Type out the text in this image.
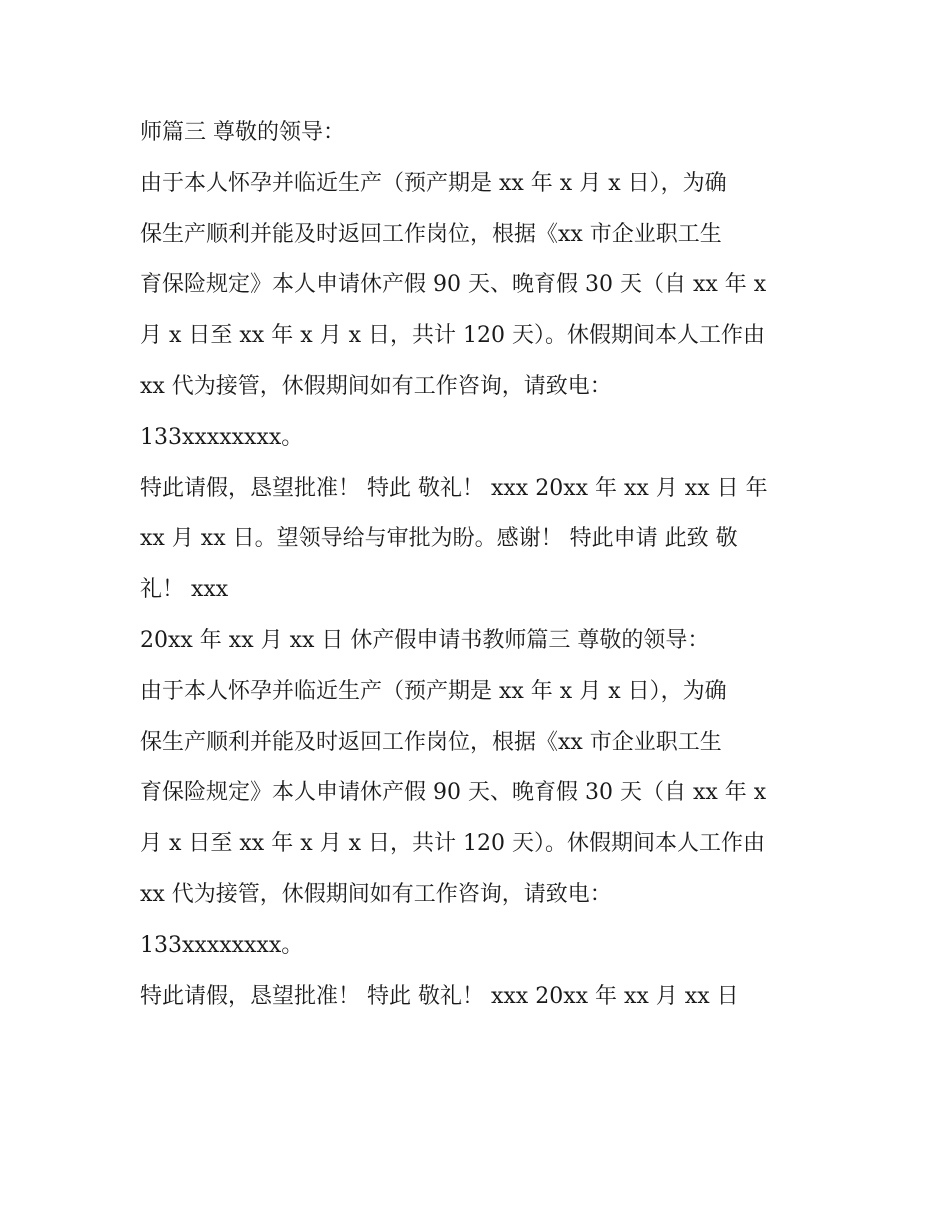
师篇三 尊敬的领导：
由于本人怀孕并临近生产（预产期是 xx 年 x 月 x 日），为确
保生产顺利并能及时返回工作岗位，根据《xx 市企业职工生
育保险规定》本人申请休产假 90 天、晚育假 30 天（自 xx 年 x
月 x 日至 xx 年 x 月 x 日，共计 120 天）。休假期间本人工作由
xx 代为接管，休假期间如有工作咨询，请致电：
133xxxxxxxx。
特此请假，恳望批准！ 特此 敬礼！ xxx 20xx 年 xx 月 xx 日 年
xx 月 xx 日。望领导给与审批为盼。感谢！ 特此申请 此致 敬
礼！ xxx
20xx 年 xx 月 xx 日 休产假申请书教师篇三 尊敬的领导：
由于本人怀孕并临近生产（预产期是 xx 年 x 月 x 日），为确
保生产顺利并能及时返回工作岗位，根据《xx 市企业职工生
育保险规定》本人申请休产假 90 天、晚育假 30 天（自 xx 年 x
月 x 日至 xx 年 x 月 x 日，共计 120 天）。休假期间本人工作由
xx 代为接管，休假期间如有工作咨询，请致电：
133xxxxxxxx。
特此请假，恳望批准！ 特此 敬礼！ xxx 20xx 年 xx 月 xx 日
